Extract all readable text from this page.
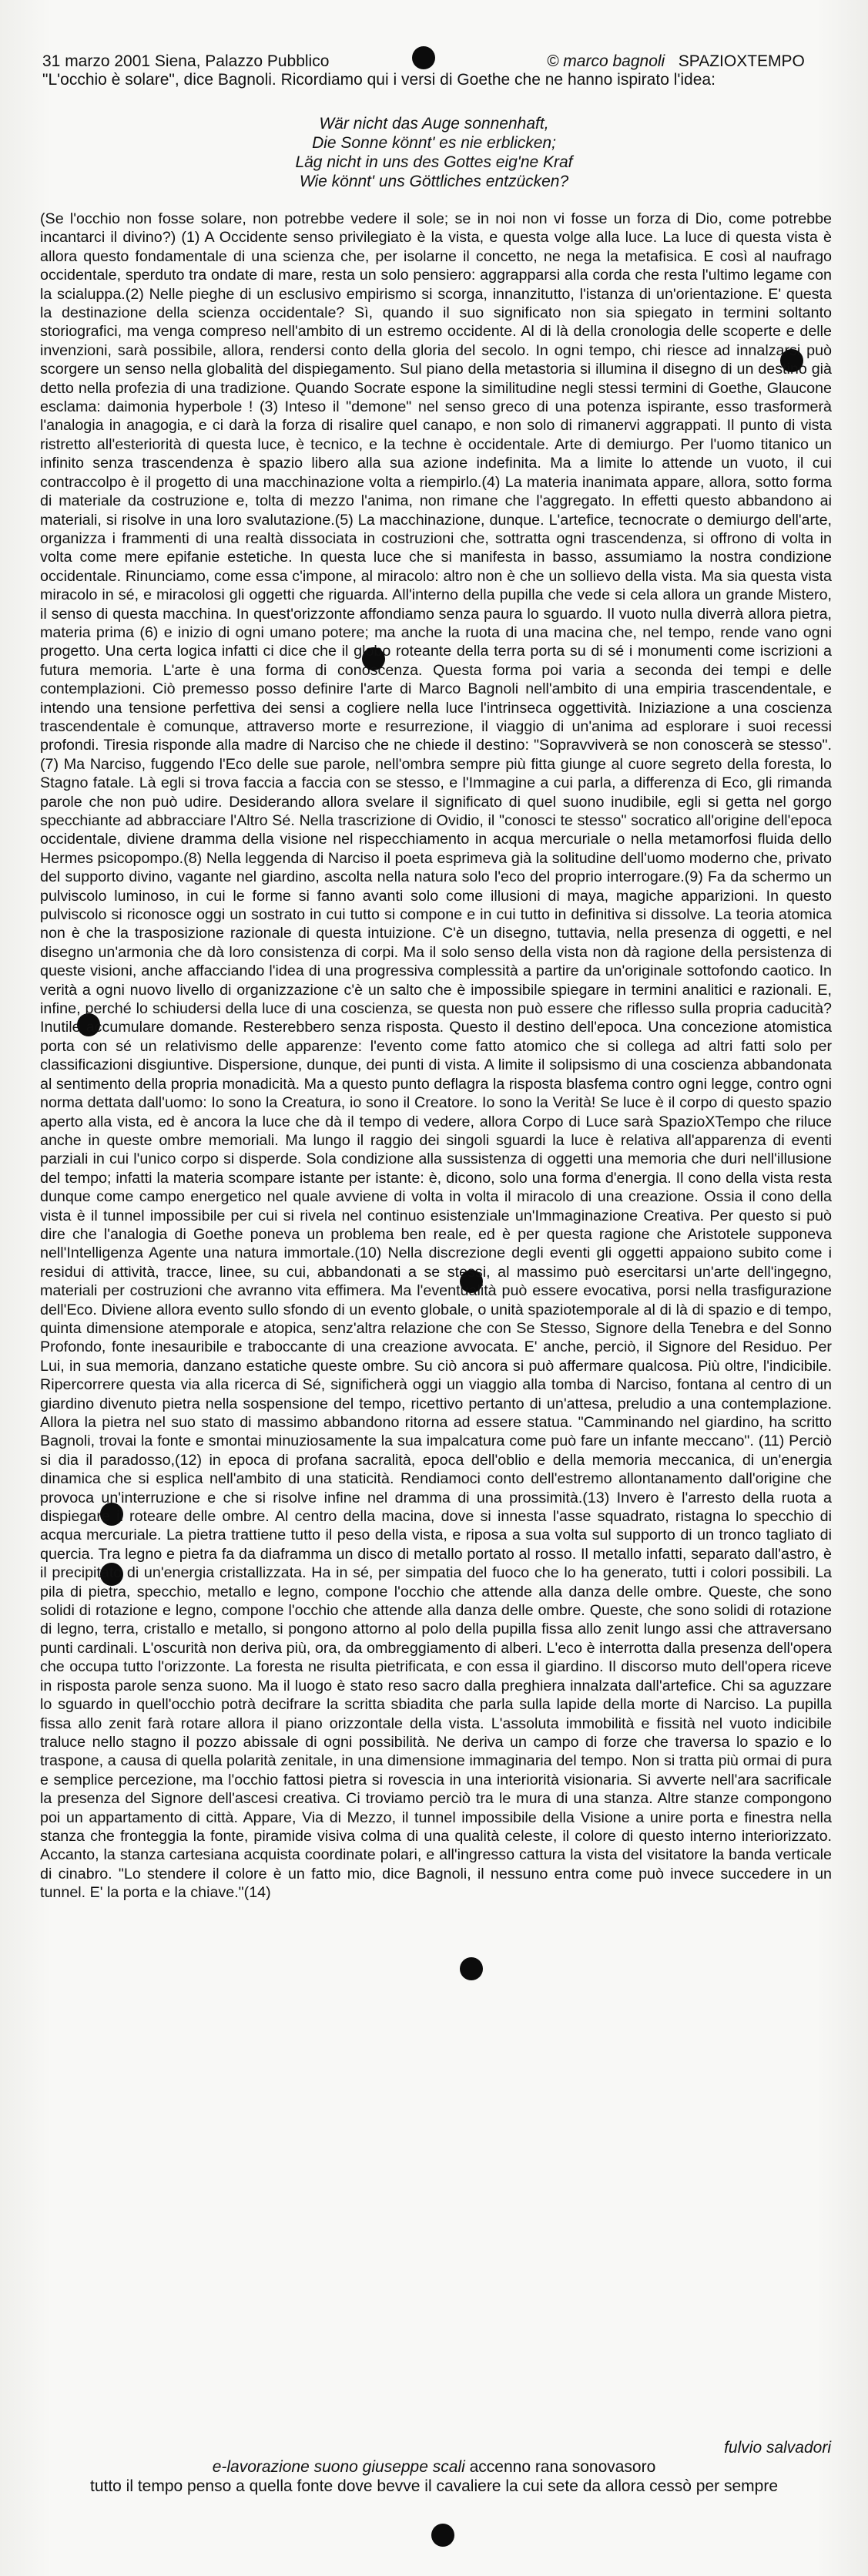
31 marzo 2001 Siena, Palazzo Pubblico	© marco bagnoli SPAZIOXTEMPO
"L'occhio è solare", dice Bagnoli. Ricordiamo qui i versi di Goethe che ne hanno ispirato l'idea:
Wär nicht das Auge sonnenhaft,
Die Sonne könnt' es nie erblicken;
Läg nicht in uns des Gottes eig'ne Kraf
Wie könnt' uns Göttliches entzücken?

(Se l'occhio non fosse solare, non potrebbe vedere il sole; se in noi non vi fosse un forza di Dio, come potrebbe incantarci il divino?) (1) A Occidente senso privilegiato è la vista, e questa volge alla luce. La luce di questa vista è allora questo fondamentale di una scienza che, per isolarne il concetto, ne nega la metafisica. E così al naufrago occidentale, sperduto tra ondate di mare, resta un solo pensiero: aggrapparsi alla corda che resta l'ultimo legame con la scialuppa.(2) Nelle pieghe di un esclusivo empirismo si scorga, innanzitutto, l'istanza di un'orientazione. E' questa la destinazione della scienza occidentale? Sì, quando il suo significato non sia spiegato in termini soltanto storiografici, ma venga compreso nell'ambito di un estremo occidente. Al di là della cronologia delle scoperte e delle invenzioni, sarà possibile, allora, rendersi conto della gloria del secolo. In ogni tempo, chi riesce ad innalzarsi può scorgere un senso nella globalità del dispiegamento. Sul piano della metastoria si illumina il disegno di un destino già detto nella profezia di una tradizione. Quando Socrate espone la similitudine negli stessi termini di Goethe, Glaucone esclama: daimonia hyperbole ! (3) Inteso il "demone" nel senso greco di una potenza ispirante, esso trasformerà l'analogia in anagogia, e ci darà la forza di risalire quel canapo, e non solo di rimanervi aggrappati. Il punto di vista ristretto all'esteriorità di questa luce, è tecnico, e la techne è occidentale. Arte di demiurgo. Per l'uomo titanico un infinito senza trascendenza è spazio libero alla sua azione indefinita. Ma a limite lo attende un vuoto, il cui contraccolpo è il progetto di una macchinazione volta a riempirlo.(4) La materia inanimata appare, allora, sotto forma di materiale da costruzione e, tolta di mezzo l'anima, non rimane che l'aggregato. In effetti questo abbandono ai materiali, si risolve in una loro svalutazione.(5) La macchinazione, dunque. L'artefice, tecnocrate o demiurgo dell'arte, organizza i frammenti di una realtà dissociata in costruzioni che, sottratta ogni trascendenza, si offrono di volta in volta come mere epifanie estetiche. In questa luce che si manifesta in basso, assumiamo la nostra condizione occidentale. Rinunciamo, come essa c'impone, al miracolo: altro non è che un sollievo della vista. Ma sia questa vista miracolo in sé, e miracolosi gli oggetti che riguarda. All'interno della pupilla che vede si cela allora un grande Mistero, il senso di questa macchina. In quest'orizzonte affondiamo senza paura lo sguardo. Il vuoto nulla diverrà allora pietra, materia prima (6) e inizio di ogni umano potere; ma anche la ruota di una macina che, nel tempo, rende vano ogni progetto. Una certa logica infatti ci dice che il globo roteante della terra porta su di sé i monumenti come iscrizioni a futura memoria. L'arte è una forma di conoscenza. Questa forma poi varia a seconda dei tempi e delle contemplazioni. Ciò premesso posso definire l'arte di Marco Bagnoli nell'ambito di una empiria trascendentale, e intendo una tensione perfettiva dei sensi a cogliere nella luce l'intrinseca oggettività. Iniziazione a una coscienza trascendentale è comunque, attraverso morte e resurrezione, il viaggio di un'anima ad esplorare i suoi recessi profondi. Tiresia risponde alla madre di Narciso che ne chiede il destino: "Sopravviverà se non conoscerà se stesso".(7) Ma Narciso, fuggendo l'Eco delle sue parole, nell'ombra sempre più fitta giunge al cuore segreto della foresta, lo Stagno fatale. Là egli si trova faccia a faccia con se stesso, e l'Immagine a cui parla, a differenza di Eco, gli rimanda parole che non può udire. Desiderando allora svelare il significato di quel suono inudibile, egli si getta nel gorgo specchiante ad abbracciare l'Altro Sé. Nella trascrizione di Ovidio, il "conosci te stesso" socratico all'origine dell'epoca occidentale, diviene dramma della visione nel rispecchiamento in acqua mercuriale o nella metamorfosi fluida dello Hermes psicopompo.(8) Nella leggenda di Narciso il poeta esprimeva già la solitudine dell'uomo moderno che, privato del supporto divino, vagante nel giardino, ascolta nella natura solo l'eco del proprio interrogare.(9) Fa da schermo un pulviscolo luminoso, in cui le forme si fanno avanti solo come illusioni di maya, magiche apparizioni. In questo pulviscolo si riconosce oggi un sostrato in cui tutto si compone e in cui tutto in definitiva si dissolve. La teoria atomica non è che la trasposizione razionale di questa intuizione. C'è un disegno, tuttavia, nella presenza di oggetti, e nel disegno un'armonia che dà loro consistenza di corpi. Ma il solo senso della vista non dà ragione della persistenza di queste visioni, anche affacciando l'idea di una progressiva complessità a partire da un'originale sottofondo caotico. In verità a ogni nuovo livello di organizzazione c'è un salto che è impossibile spiegare in termini analitici e razionali. E, infine, perché lo schiudersi della luce di una coscienza, se questa non può essere che riflesso sulla propria caducità? Inutile accumulare domande. Resterebbero senza risposta. Questo il destino dell'epoca. Una concezione atomistica porta con sé un relativismo delle apparenze: l'evento come fatto atomico che si collega ad altri fatti solo per classificazioni disgiuntive. Dispersione, dunque, dei punti di vista. A limite il solipsismo di una coscienza abbandonata al sentimento della propria monadicità. Ma a questo punto deflagra la risposta blasfema contro ogni legge, contro ogni norma dettata dall'uomo: Io sono la Creatura, io sono il Creatore. Io sono la Verità! Se luce è il corpo di questo spazio aperto alla vista, ed è ancora la luce che dà il tempo di vedere, allora Corpo di Luce sarà SpazioXTempo che riluce anche in queste ombre memoriali. Ma lungo il raggio dei singoli sguardi la luce è relativa all'apparenza di eventi parziali in cui l'unico corpo si disperde. Sola condizione alla sussistenza di oggetti una memoria che duri nell'illusione del tempo; infatti la materia scompare istante per istante: è, dicono, solo una forma d'energia. Il cono della vista resta dunque come campo energetico nel quale avviene di volta in volta il miracolo di una creazione. Ossia il cono della vista è il tunnel impossibile per cui si rivela nel continuo esistenziale un'Immaginazione Creativa. Per questo si può dire che l'analogia di Goethe poneva un problema ben reale, ed è per questa ragione che Aristotele supponeva nell'Intelligenza Agente una natura immortale.(10) Nella discrezione degli eventi gli oggetti appaiono subito come i residui di attività, tracce, linee, su cui, abbandonati a se stessi, al massimo può esercitarsi un'arte dell'ingegno, materiali per costruzioni che avranno vita effimera. Ma l'eventualità può essere evocativa, porsi nella trasfigurazione dell'Eco. Diviene allora evento sullo sfondo di un evento globale, o unità spaziotemporale al di là di spazio e di tempo, quinta dimensione atemporale e atopica, senz'altra relazione che con Se Stesso, Signore della Tenebra e del Sonno Profondo, fonte inesauribile e traboccante di una creazione avvocata. E' anche, perciò, il Signore del Residuo. Per Lui, in sua memoria, danzano estatiche queste ombre. Su ciò ancora si può affermare qualcosa. Più oltre, l'indicibile. Ripercorrere questa via alla ricerca di Sé, significherà oggi un viaggio alla tomba di Narciso, fontana al centro di un giardino divenuto pietra nella sospensione del tempo, ricettivo pertanto di un'attesa, preludio a una contemplazione. Allora la pietra nel suo stato di massimo abbandono ritorna ad essere statua. "Camminando nel giardino, ha scritto Bagnoli, trovai la fonte e smontai minuziosamente la sua impalcatura come può fare un infante meccano". (11) Perciò si dia il paradosso,(12) in epoca di profana sacralità, epoca dell'oblio e della memoria meccanica, di un'energia dinamica che si esplica nell'ambito di una staticità. Rendiamoci conto dell'estremo allontanamento dall'origine che provoca un'interruzione e che si risolve infine nel dramma di una prossimità.(13) Invero è l'arresto della ruota a dispiegare il roteare delle ombre. Al centro della macina, dove si innesta l'asse squadrato, ristagna lo specchio di acqua mercuriale. La pietra trattiene tutto il peso della vista, e riposa a sua volta sul supporto di un tronco tagliato di quercia. Tra legno e pietra fa da diaframma un disco di metallo portato al rosso. Il metallo infatti, separato dall'astro, è il precipitato di un'energia cristallizzata. Ha in sé, per simpatia del fuoco che lo ha generato, tutti i colori possibili. La pila di pietra, specchio, metallo e legno, compone l'occhio che attende alla danza delle ombre. Queste, che sono solidi di rotazione e legno, compone l'occhio che attende alla danza delle ombre. Queste, che sono solidi di rotazione di legno, terra, cristallo e metallo, si pongono attorno al polo della pupilla fissa allo zenit lungo assi che attraversano punti cardinali. L'oscurità non deriva più, ora, da ombreggiamento di alberi. L'eco è interrotta dalla presenza dell'opera che occupa tutto l'orizzonte. La foresta ne risulta pietrificata, e con essa il giardino. Il discorso muto dell'opera riceve in risposta parole senza suono. Ma il luogo è stato reso sacro dalla preghiera innalzata dall'artefice. Chi sa aguzzare lo sguardo in quell'occhio potrà decifrare la scritta sbiadita che parla sulla lapide della morte di Narciso. La pupilla fissa allo zenit farà rotare allora il piano orizzontale della vista. L'assoluta immobilità e fissità nel vuoto indicibile traluce nello stagno il pozzo abissale di ogni possibilità. Ne deriva un campo di forze che traversa lo spazio e lo traspone, a causa di quella polarità zenitale, in una dimensione immaginaria del tempo. Non si tratta più ormai di pura e semplice percezione, ma l'occhio fattosi pietra si rovescia in una interiorità visionaria. Si avverte nell'ara sacrificale la presenza del Signore dell'ascesi creativa. Ci troviamo perciò tra le mura di una stanza. Altre stanze compongono poi un appartamento di città. Appare, Via di Mezzo, il tunnel impossibile della Visione a unire porta e finestra nella stanza che fronteggia la fonte, piramide visiva colma di una qualità celeste, il colore di questo interno interiorizzato. Accanto, la stanza cartesiana acquista coordinate polari, e all'ingresso cattura la vista del visitatore la banda verticale di cinabro. "Lo stendere il colore è un fatto mio, dice Bagnoli, il nessuno entra come può invece succedere in un tunnel. E' la porta e la chiave."(14)

fulvio salvadori
e-lavorazione suono giuseppe scali accenno rana sonovasoro
tutto il tempo penso a quella fonte dove bevve il cavaliere la cui sete da allora cessò per sempre
